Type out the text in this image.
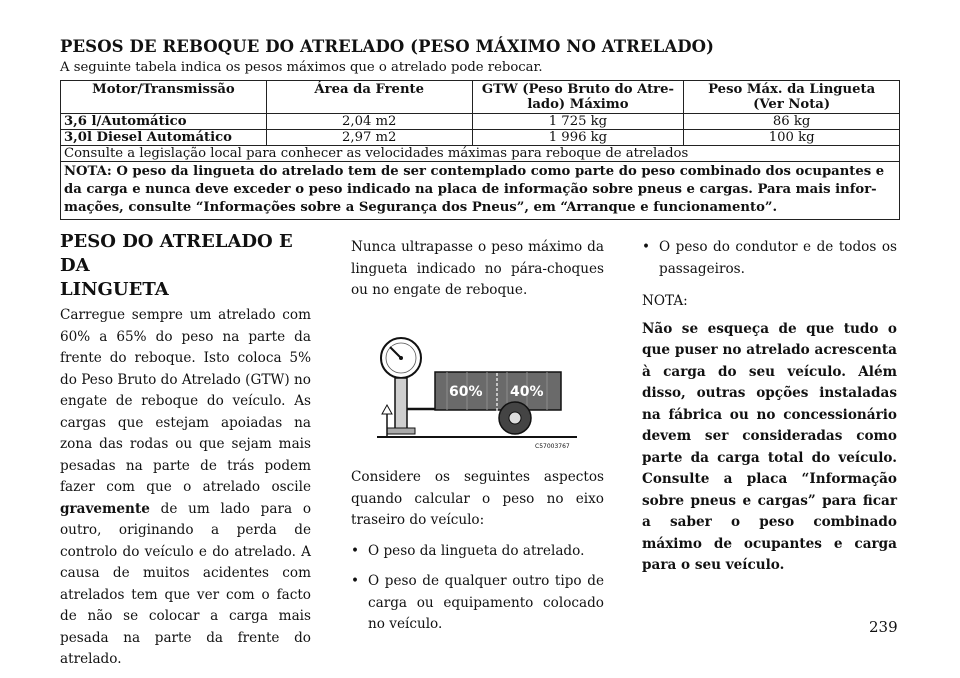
PESOS DE REBOQUE DO ATRELADO (PESO MÁXIMO NO ATRELADO)
A seguinte tabela indica os pesos máximos que o atrelado pode rebocar.
Motor/Transmissão	Área da Frente	GTW (Peso Bruto do Atre-
lado) Máximo	Peso Máx. da Lingueta
(Ver Nota)
3,6 l/Automático	2,04 m2	1 725 kg	86 kg
3,0l Diesel Automático	2,97 m2	1 996 kg	100 kg
Consulte a legislação local para conhecer as velocidades máximas para reboque de atrelados			
NOTA: O peso da lingueta do atrelado tem de ser contemplado como parte do peso combinado dos ocupantes e
da carga e nunca deve exceder o peso indicado na placa de informação sobre pneus e cargas. Para mais infor-
mações, consulte “Informações sobre a Segurança dos Pneus”, em “Arranque e funcionamento”.			

PESO DO ATRELADO E DA
LINGUETA

Carregue sempre um atrelado com 60% a 65% do peso na parte da frente do reboque. Isto coloca 5% do Peso Bruto do Atrelado (GTW) no engate de reboque do veículo. As cargas que estejam apoiadas na zona das rodas ou que sejam mais pesadas na parte de trás podem fazer com que o atrelado oscile gravemente de um lado para o outro, originando a perda de controlo do veículo e do atrelado. A causa de muitos acidentes com atrelados tem que ver com o facto de não se colocar a carga mais pesada na parte da frente do atrelado.

Nunca ultrapasse o peso máximo da lingueta indicado no pára-choques ou no engate de reboque.

60% 40%
C57003767

Considere os seguintes aspectos quando calcular o peso no eixo traseiro do veículo:

• O peso da lingueta do atrelado.

• O peso de qualquer outro tipo de carga ou equipamento colocado no veículo.

• O peso do condutor e de todos os passageiros.

NOTA:

Não se esqueça de que tudo o que puser no atrelado acrescenta à carga do seu veículo. Além disso, outras opções instaladas na fábrica ou no concessionário devem ser consideradas como parte da carga total do veículo. Consulte a placa “Informação sobre pneus e cargas” para ficar a saber o peso combinado máximo de ocupantes e carga para o seu veículo.

239
